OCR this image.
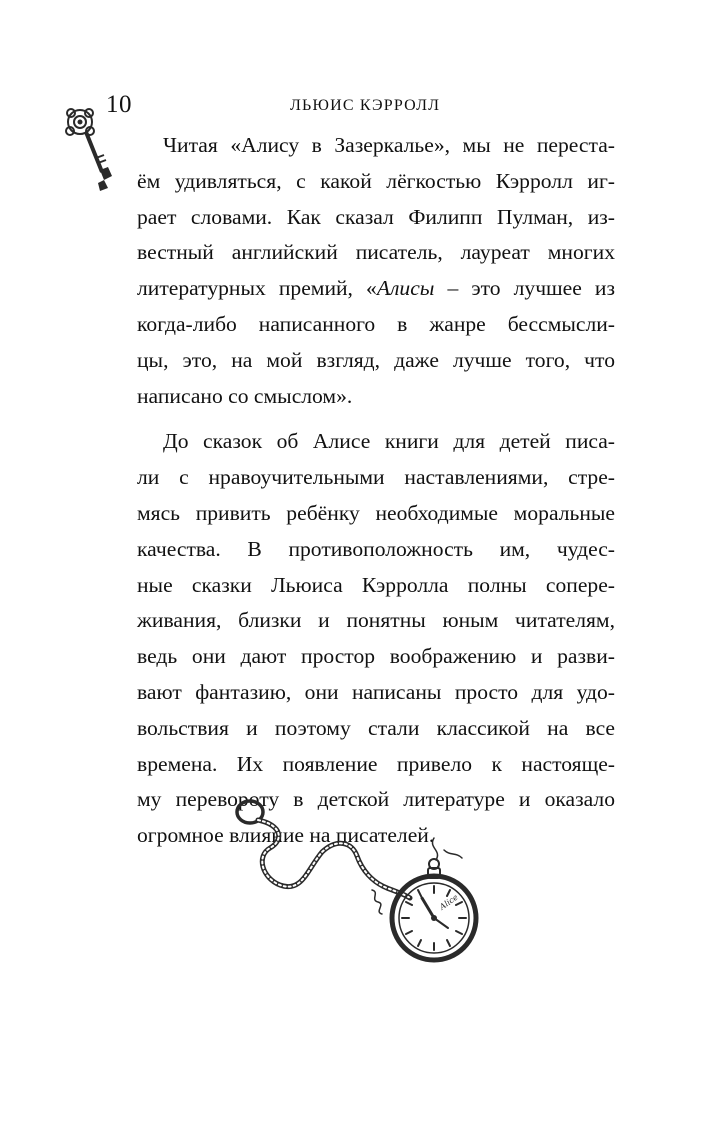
10	ЛЬЮИС КЭРРОЛЛ
Читая «Алису в Зазеркалье», мы не переста-
ём удивляться, с какой лёгкостью Кэрролл иг-
рает словами. Как сказал Филипп Пулман, из-
вестный английский писатель, лауреат многих
литературных премий, «Алисы – это лучшее из
когда-либо написанного в жанре бессмысли-
цы, это, на мой взгляд, даже лучше того, что
написано со смыслом».
До сказок об Алисе книги для детей писа-
ли с нравоучительными наставлениями, стре-
мясь привить ребёнку необходимые моральные
качества. В противоположность им, чудес-
ные сказки Льюиса Кэрролла полны сопере-
живания, близки и понятны юным читателям,
ведь они дают простор воображению и разви-
вают фантазию, они написаны просто для удо-
вольствия и поэтому стали классикой на все
времена. Их появление привело к настояще-
му перевороту в детской литературе и оказало
огромное влияние на писателей.
Alice
